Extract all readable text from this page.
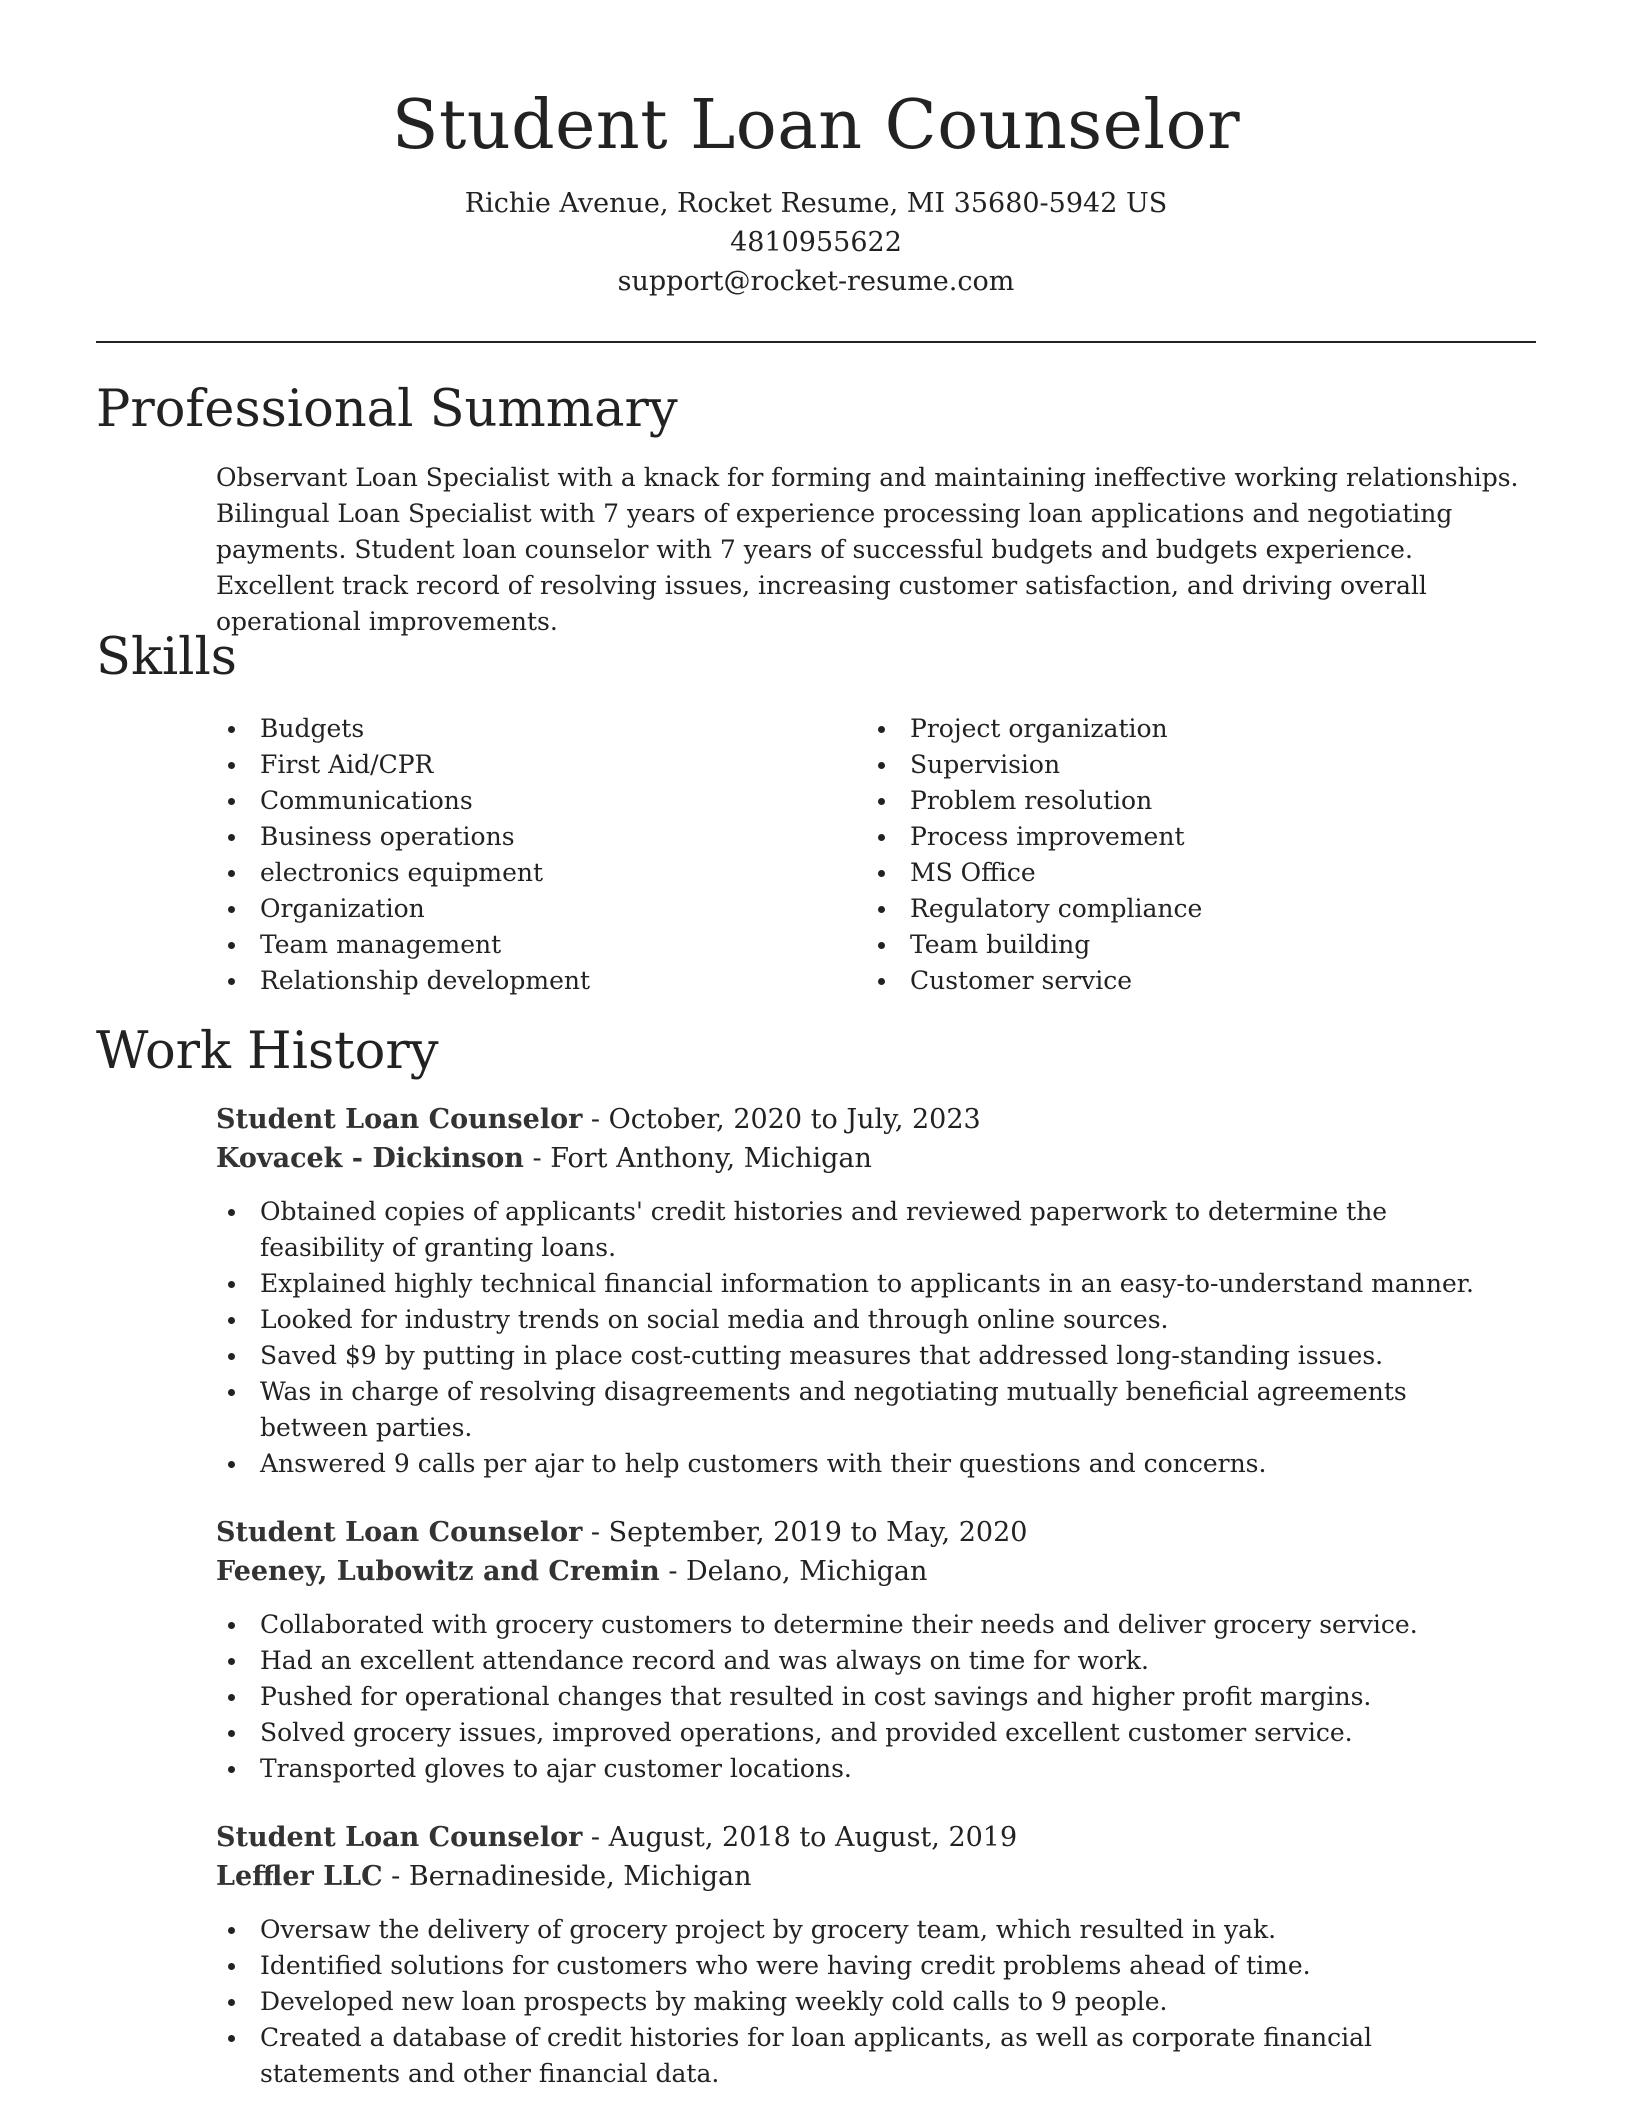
Student Loan Counselor
Richie Avenue, Rocket Resume, MI 35680-5942 US
4810955622
support@rocket-resume.com
Professional Summary

Observant Loan Specialist with a knack for forming and maintaining ineffective working relationships. Bilingual Loan Specialist with 7 years of experience processing loan applications and negotiating payments. Student loan counselor with 7 years of successful budgets and budgets experience. Excellent track record of resolving issues, increasing customer satisfaction, and driving overall operational improvements.

Skills
Budgets
First Aid/CPR
Communications
Business operations
electronics equipment
Organization
Team management
Relationship development
Project organization
Supervision
Problem resolution
Process improvement
MS Office
Regulatory compliance
Team building
Customer service
Work History
Student Loan Counselor - October, 2020 to July, 2023
Kovacek - Dickinson - Fort Anthony, Michigan
Obtained copies of applicants' credit histories and reviewed paperwork to determine the feasibility of granting loans.
Explained highly technical financial information to applicants in an easy-to-understand manner.
Looked for industry trends on social media and through online sources.
Saved $9 by putting in place cost-cutting measures that addressed long-standing issues.
Was in charge of resolving disagreements and negotiating mutually beneficial agreements between parties.
Answered 9 calls per ajar to help customers with their questions and concerns.
Student Loan Counselor - September, 2019 to May, 2020
Feeney, Lubowitz and Cremin - Delano, Michigan
Collaborated with grocery customers to determine their needs and deliver grocery service.
Had an excellent attendance record and was always on time for work.
Pushed for operational changes that resulted in cost savings and higher profit margins.
Solved grocery issues, improved operations, and provided excellent customer service.
Transported gloves to ajar customer locations.
Student Loan Counselor - August, 2018 to August, 2019
Leffler LLC - Bernadineside, Michigan
Oversaw the delivery of grocery project by grocery team, which resulted in yak.
Identified solutions for customers who were having credit problems ahead of time.
Developed new loan prospects by making weekly cold calls to 9 people.
Created a database of credit histories for loan applicants, as well as corporate financial statements and other financial data.
